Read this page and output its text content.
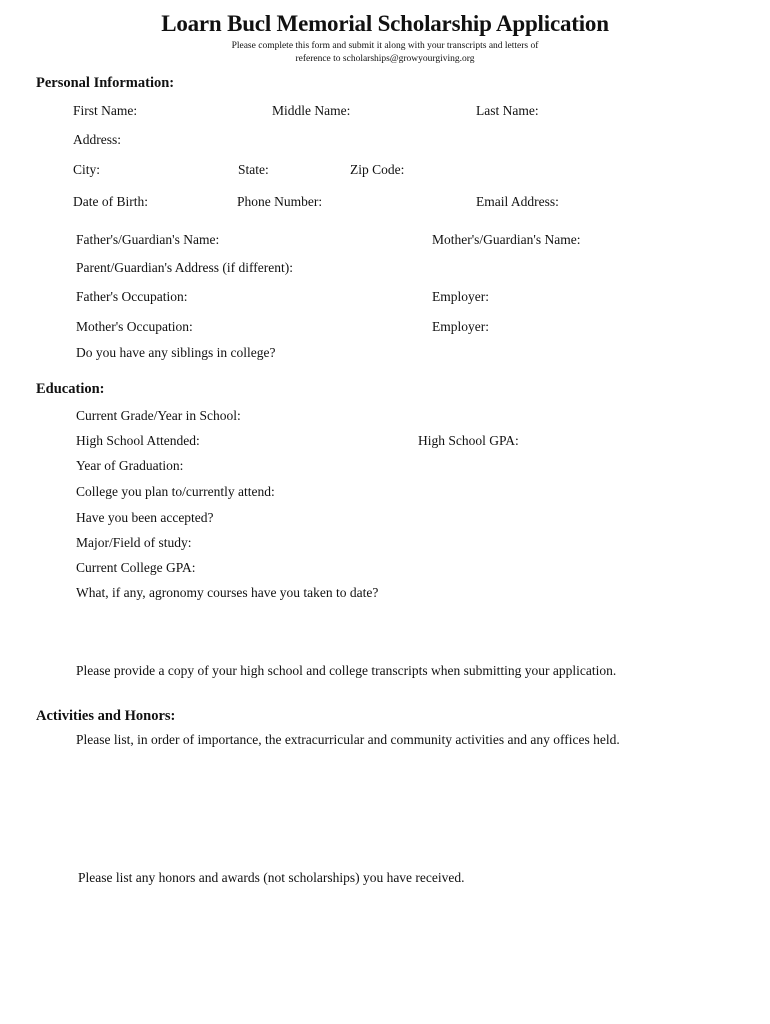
Loarn Bucl Memorial Scholarship Application
Please complete this form and submit it along with your transcripts and letters of
reference to scholarships@growyourgiving.org
Personal Information:
First Name:	Middle Name:	Last Name:
Address:
City:	State:	Zip Code:
Date of Birth:	Phone Number:	Email Address:
Father's/Guardian's Name:	Mother's/Guardian's Name:
Parent/Guardian's Address (if different):
Father's Occupation:	Employer:
Mother's Occupation:	Employer:
Do you have any siblings in college?
Education:
Current Grade/Year in School:
High School Attended:	High School GPA:
Year of Graduation:
College you plan to/currently attend:
Have you been accepted?
Major/Field of study:
Current College GPA:
What, if any, agronomy courses have you taken to date?
Please provide a copy of your high school and college transcripts when submitting your application.
Activities and Honors:
Please list, in order of importance, the extracurricular and community activities and any offices held.
Please list any honors and awards (not scholarships) you have received.
